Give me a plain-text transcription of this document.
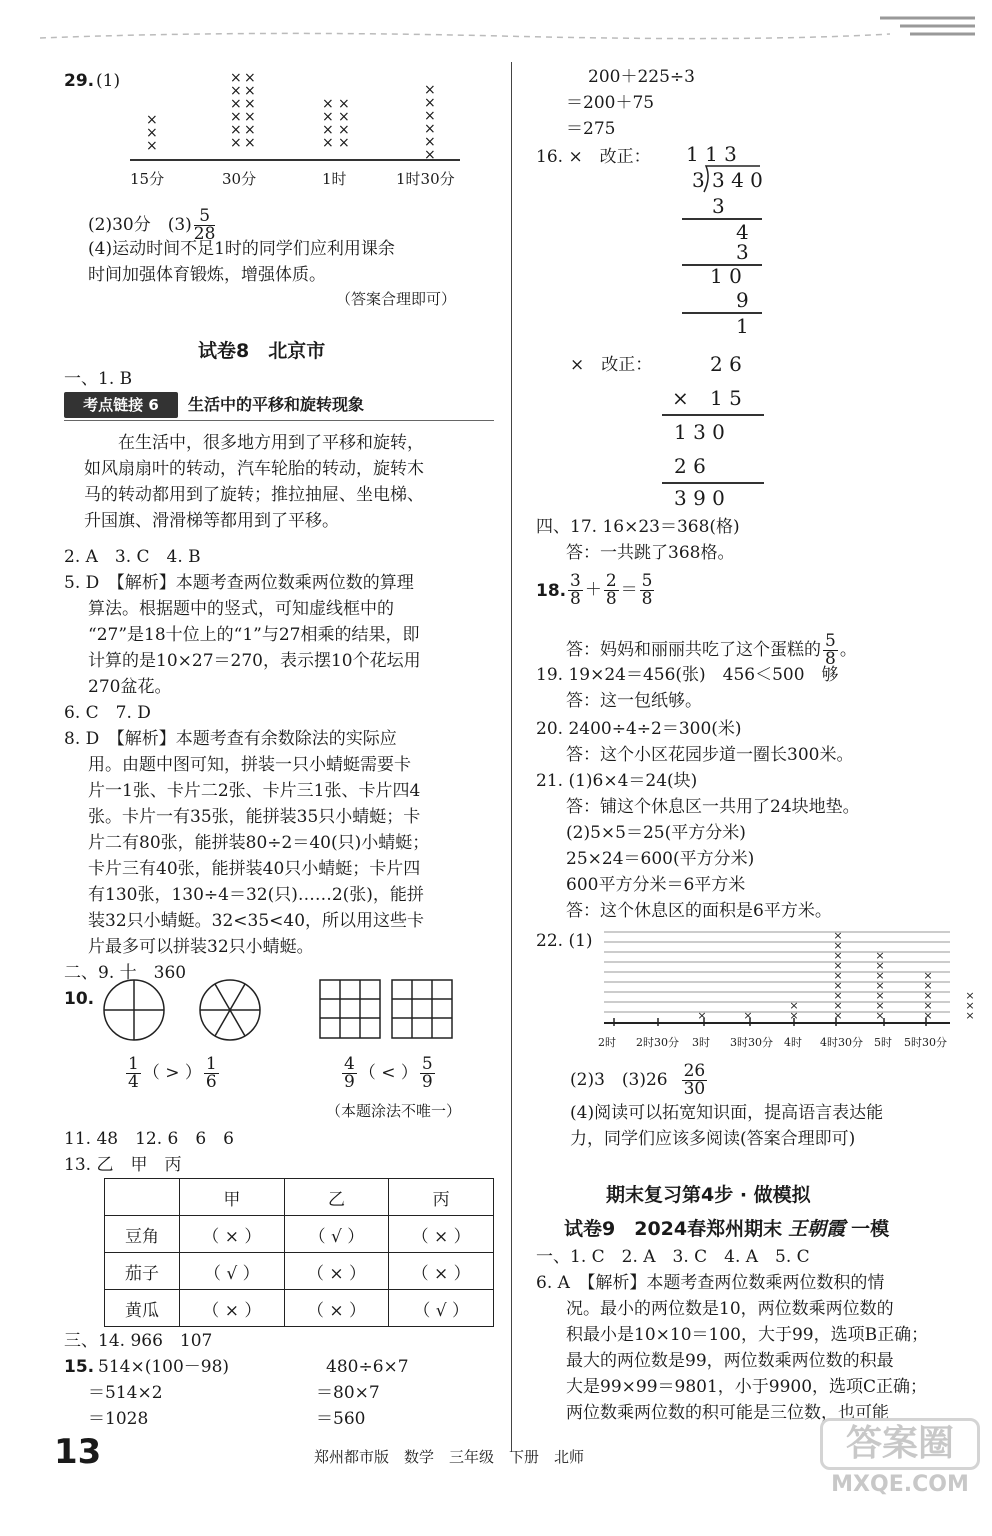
29. (1)
×
×
×
×
×
×
×
×
×
×
×
×
×
×
×
×
×
×
×
×
×
×
×
×
×
×
×
×
×
15分	30分	1时	1时30分
(2)30分　$(3) \frac{5}{28}$
(4)运动时间不足1时的同学们应利用课余
时间加强体育锻炼，增强体质。
（答案合理即可）
试卷8　北京市
一、1. B
考点链接 6	生活中的平移和旋转现象
在生活中，很多地方用到了平移和旋转，
如风扇扇叶的转动，汽车轮胎的转动，旋转木
马的转动都用到了旋转；推拉抽屉、坐电梯、
升国旗、滑滑梯等都用到了平移。
2. A　3. C　4. B
5. D　【解析】本题考查两位数乘两位数的算理
算法。根据题中的竖式，可知虚线框中的
“27”是18十位上的“1”与27相乘的结果，即
计算的是10×27＝270，表示摆10个花坛用
270盆花。
6. C　7. D
8. D　【解析】本题考查有余数除法的实际应
用。由题中图可知，拼装一只小蜻蜓需要卡
片一1张、卡片二2张、卡片三1张、卡片四4
张。卡片一有35张，能拼装35只小蜻蜓；卡
片二有80张，能拼装80÷2＝40(只)小蜻蜓；
卡片三有40张，能拼装40只小蜻蜓；卡片四
有130张，130÷4＝32(只)……2(张)，能拼
装32只小蜻蜓。32<35<40，所以用这些卡
片最多可以拼装32只小蜻蜓。
二、9. 十　360
10.
$\frac{1}{4}$ （ > ） $\frac{1}{6}$	$\frac{4}{9}$ （ < ） $\frac{5}{9}$
（本题涂法不唯一）
11. 48　12. 6　6　6
13. 乙　甲　丙
	甲	乙	丙
豆角	（ × ）	（ √ ）	（ × ）
茄子	（ √ ）	（ × ）	（ × ）
黄瓜	（ × ）	（ × ）	（ √ ）
三、14. 966　107
15. 514×(100－98)
＝514×2
＝1028
480÷6×7
＝80×7
＝560
200＋225÷3
＝200＋75
＝275
16. ×　改正： 1 1 3
3 3 4 0
3
4
3
1 0
9
1
×　改正：	2 6
× 1 5
1 3 0
2 6
3 9 0
四、17. 16×23＝368(格)
答：一共跳了368格。
18. $\frac{3}{8} + \frac{2}{8} = \frac{5}{8}$
答：妈妈和丽丽共吃了这个蛋糕的 $\frac{5}{8}$ 。
19. 19×24＝456(张)　456＜500　够
答：这一包纸够。
20. 2400÷4÷2＝300(米)
答：这个小区花园步道一圈长300米。
21. (1)6×4＝24(块)
答：铺这个休息区一共用了24块地垫。
(2)5×5＝25(平方分米)
25×24＝600(平方分米)
600平方分米＝6平方米
答：这个休息区的面积是6平方米。
22. (1)
×	×	×
×
×
×
×
×
×
×
×
×
×
×
×
×
×
×
×
×
×
×
×
×
×
×
×
×
2时 2时30分 3时 3时30分 4时 4时30分 5时 5时30分
(2)3　$(3)26 \frac{26}{30}$
(4)阅读可以拓宽知识面，提高语言表达能
力，同学们应该多阅读(答案合理即可)
期末复习第4步 · 做模拟
试卷9　2024春郑州期末 王朝霞 一模
一、1. C　2. A　3. C　4. A　5. C
6. A　【解析】本题考查两位数乘两位数积的情
况。最小的两位数是10，两位数乘两位数的
积最小是10×10＝100，大于99，选项B正确；
最大的两位数是99，两位数乘两位数的积最
大是99×99＝9801，小于9900，选项C正确；
两位数乘两位数的积可能是三位数，也可能
13	郑州都市版　数学　三年级　下册　北师	答案圈
MXQE.COM
